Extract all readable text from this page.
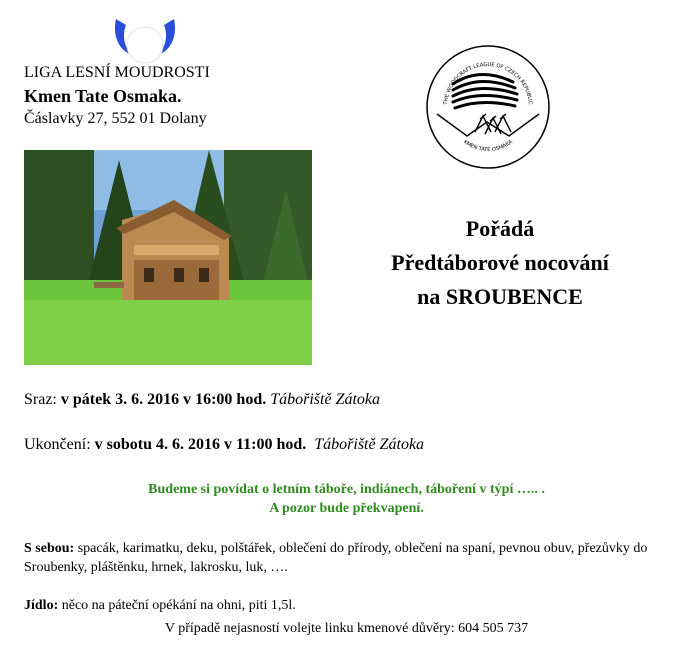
LIGA LESNÍ MOUDROSTI
Kmen Tate Osmaka.
Čáslavky 27, 552 01 Dolany
THE WOODCRAFT LEAGUE OF CZECH REPUBLIC
KMEN TATE OSMAKA
Pořádá
Předtáborové nocování
na SROUBENCE
Sraz: v pátek 3. 6. 2016 v 16:00 hod. Tábořiště Zátoka
Ukončení: v sobotu 4. 6. 2016 v 11:00 hod. Tábořiště Zátoka
Budeme si povídat o letním táboře, indiánech, táboření v týpí ….. .
A pozor bude překvapení.
S sebou: spacák, karimatku, deku, polštářek, oblečení do přírody, oblečení na spaní, pevnou obuv, přezůvky do Sroubenky, pláštěnku, hrnek, lakrosku, luk, ….
Jídlo: něco na páteční opékání na ohni, piti 1,5l.
V případě nejasností volejte linku kmenové důvěry: 604 505 737
